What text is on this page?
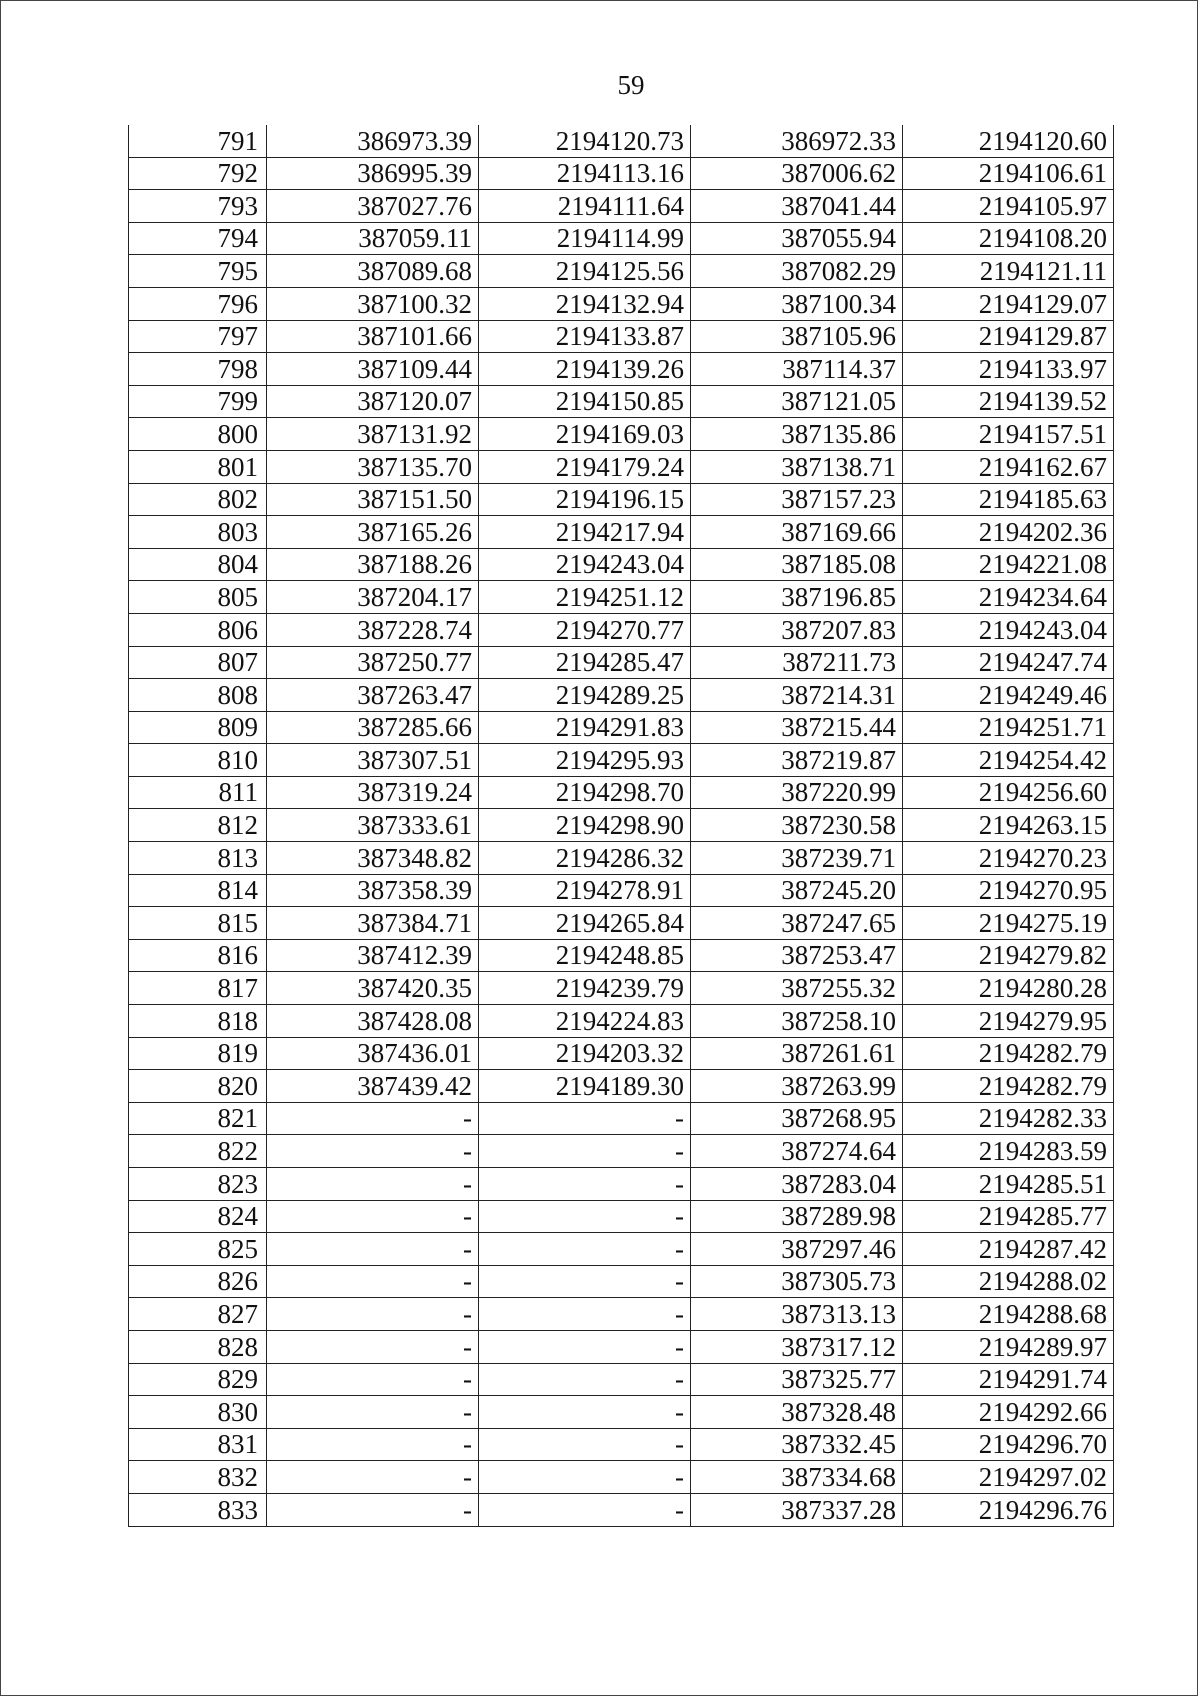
59
791	386973.39	2194120.73	386972.33	2194120.60
792	386995.39	2194113.16	387006.62	2194106.61
793	387027.76	2194111.64	387041.44	2194105.97
794	387059.11	2194114.99	387055.94	2194108.20
795	387089.68	2194125.56	387082.29	2194121.11
796	387100.32	2194132.94	387100.34	2194129.07
797	387101.66	2194133.87	387105.96	2194129.87
798	387109.44	2194139.26	387114.37	2194133.97
799	387120.07	2194150.85	387121.05	2194139.52
800	387131.92	2194169.03	387135.86	2194157.51
801	387135.70	2194179.24	387138.71	2194162.67
802	387151.50	2194196.15	387157.23	2194185.63
803	387165.26	2194217.94	387169.66	2194202.36
804	387188.26	2194243.04	387185.08	2194221.08
805	387204.17	2194251.12	387196.85	2194234.64
806	387228.74	2194270.77	387207.83	2194243.04
807	387250.77	2194285.47	387211.73	2194247.74
808	387263.47	2194289.25	387214.31	2194249.46
809	387285.66	2194291.83	387215.44	2194251.71
810	387307.51	2194295.93	387219.87	2194254.42
811	387319.24	2194298.70	387220.99	2194256.60
812	387333.61	2194298.90	387230.58	2194263.15
813	387348.82	2194286.32	387239.71	2194270.23
814	387358.39	2194278.91	387245.20	2194270.95
815	387384.71	2194265.84	387247.65	2194275.19
816	387412.39	2194248.85	387253.47	2194279.82
817	387420.35	2194239.79	387255.32	2194280.28
818	387428.08	2194224.83	387258.10	2194279.95
819	387436.01	2194203.32	387261.61	2194282.79
820	387439.42	2194189.30	387263.99	2194282.79
821	-	-	387268.95	2194282.33
822	-	-	387274.64	2194283.59
823	-	-	387283.04	2194285.51
824	-	-	387289.98	2194285.77
825	-	-	387297.46	2194287.42
826	-	-	387305.73	2194288.02
827	-	-	387313.13	2194288.68
828	-	-	387317.12	2194289.97
829	-	-	387325.77	2194291.74
830	-	-	387328.48	2194292.66
831	-	-	387332.45	2194296.70
832	-	-	387334.68	2194297.02
833	-	-	387337.28	2194296.76
